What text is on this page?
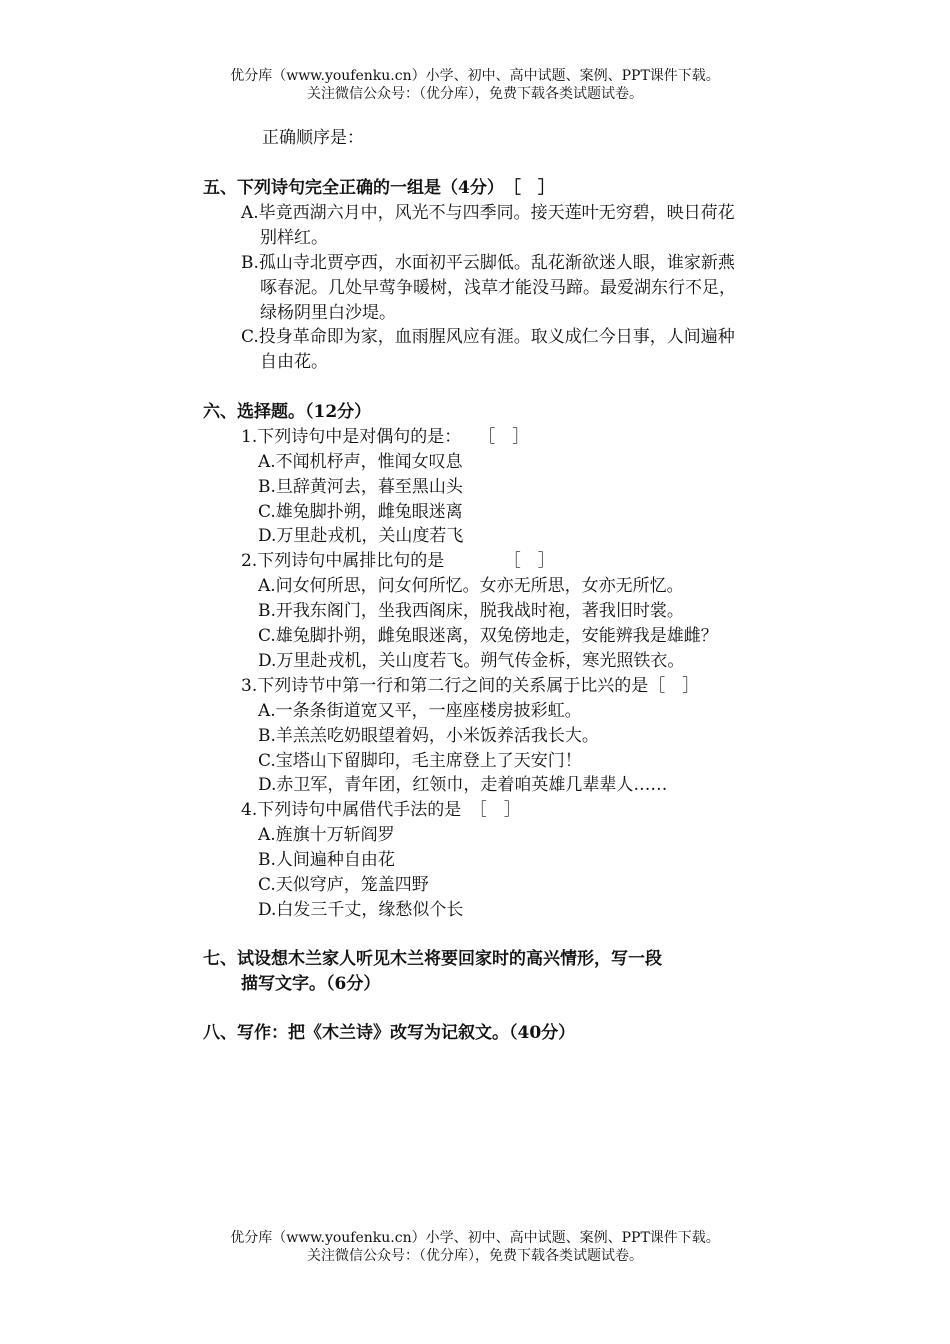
优分库（www.youfenku.cn）小学、初中、高中试题、案例、PPT课件下载。
关注微信公众号：（优分库），免费下载各类试题试卷。
正确顺序是：
五、下列诗句完全正确的一组是（4分）　［　］
A.毕竟西湖六月中，风光不与四季同。接天莲叶无穷碧，映日荷花
别样红。
B.孤山寺北贾亭西，水面初平云脚低。乱花渐欲迷人眼，谁家新燕
啄春泥。几处早莺争暖树，浅草才能没马蹄。最爱湖东行不足，
绿杨阴里白沙堤。
C.投身革命即为家，血雨腥风应有涯。取义成仁今日事，人间遍种
自由花。
六、选择题。（12分）
1.下列诗句中是对偶句的是：　　［　］
A.不闻机杼声，惟闻女叹息
B.旦辞黄河去，暮至黑山头
C.雄兔脚扑朔，雌兔眼迷离
D.万里赴戎机，关山度若飞
2.下列诗句中属排比句的是　　　　［　］
A.问女何所思，问女何所忆。女亦无所思，女亦无所忆。
B.开我东阁门，坐我西阁床，脱我战时袍，著我旧时裳。
C.雄兔脚扑朔，雌兔眼迷离，双兔傍地走，安能辨我是雄雌？
D.万里赴戎机，关山度若飞。朔气传金柝，寒光照铁衣。
3.下列诗节中第一行和第二行之间的关系属于比兴的是［　］
A.一条条街道宽又平，一座座楼房披彩虹。
B.羊羔羔吃奶眼望着妈，小米饭养活我长大。
C.宝塔山下留脚印，毛主席登上了天安门！
D.赤卫军，青年团，红领巾，走着咱英雄几辈辈人……
4.下列诗句中属借代手法的是　［　］
A.旌旗十万斩阎罗
B.人间遍种自由花
C.天似穹庐，笼盖四野
D.白发三千丈，缘愁似个长
七、试设想木兰家人听见木兰将要回家时的高兴情形，写一段
描写文字。（6分）
八、写作：把《木兰诗》改写为记叙文。（40分）
优分库（www.youfenku.cn）小学、初中、高中试题、案例、PPT课件下载。
关注微信公众号：（优分库），免费下载各类试题试卷。
